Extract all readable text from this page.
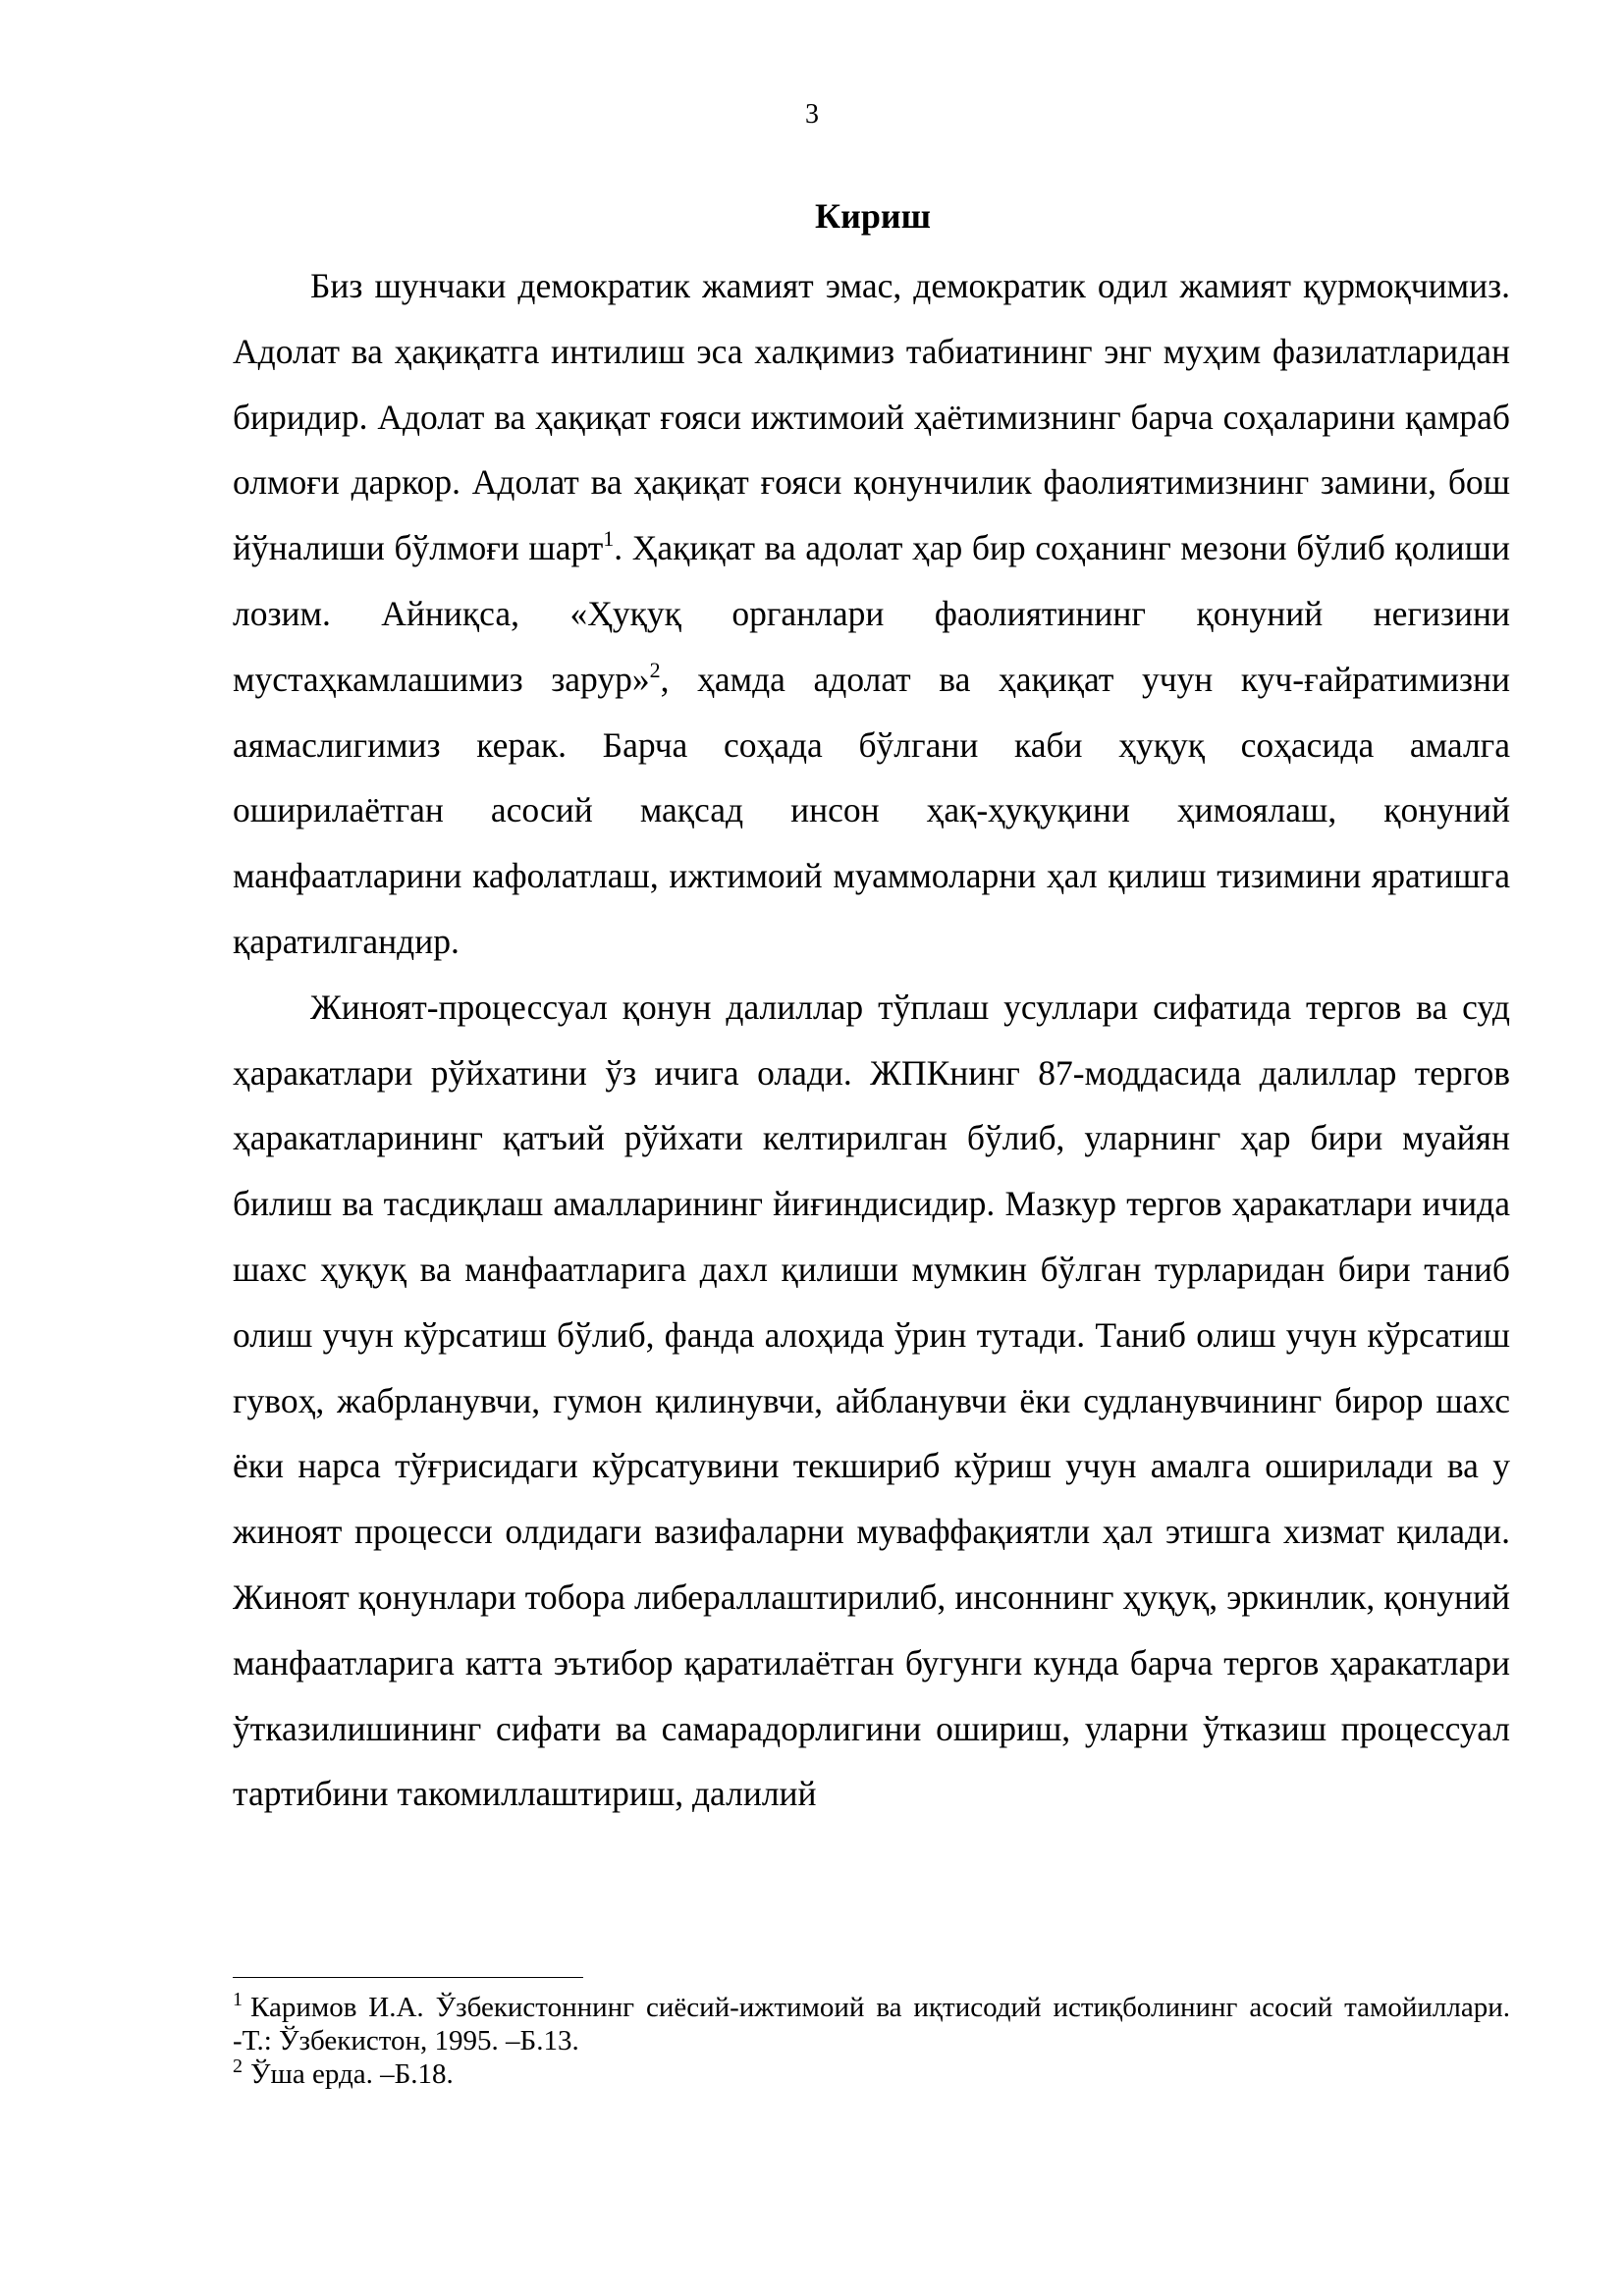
3
Кириш

Биз шунчаки демократик жамият эмас, демократик одил жамият қурмоқчимиз. Адолат ва ҳақиқатга интилиш эса халқимиз табиатининг энг муҳим фазилатларидан биридир. Адолат ва ҳақиқат ғояси ижтимоий ҳаётимизнинг барча соҳаларини қамраб олмоғи даркор. Адолат ва ҳақиқат ғояси қонунчилик фаолиятимизнинг замини, бош йўналиши бўлмоғи шарт$^1$. Ҳақиқат ва адолат ҳар бир соҳанинг мезони бўлиб қолиши лозим. Айниқса, «Ҳуқуқ органлари фаолиятининг қонуний негизини мустаҳкамлашимиз зарур»$^2$, ҳамда адолат ва ҳақиқат учун куч-ғайратимизни аямаслигимиз керак. Барча соҳада бўлгани каби ҳуқуқ соҳасида амалга оширилаётган асосий мақсад инсон ҳақ-ҳуқуқини ҳимоялаш, қонуний манфаатларини кафолатлаш, ижтимоий муаммоларни ҳал қилиш тизимини яратишга қаратилгандир.

Жиноят-процессуал қонун далиллар тўплаш усуллари сифатида тергов ва суд ҳаракатлари рўйхатини ўз ичига олади. ЖПКнинг 87-моддасида далиллар тергов ҳаракатларининг қатъий рўйхати келтирилган бўлиб, уларнинг ҳар бири муайян билиш ва тасдиқлаш амалларининг йиғиндисидир. Мазкур тергов ҳаракатлари ичида шахс ҳуқуқ ва манфаатларига дахл қилиши мумкин бўлган турларидан бири таниб олиш учун кўрсатиш бўлиб, фанда алоҳида ўрин тутади. Таниб олиш учун кўрсатиш гувоҳ, жабрланувчи, гумон қилинувчи, айбланувчи ёки судланувчининг бирор шахс ёки нарса тўғрисидаги кўрсатувини текшириб кўриш учун амалга оширилади ва у жиноят процесси олдидаги вазифаларни муваффақиятли ҳал этишга хизмат қилади. Жиноят қонунлари тобора либераллаштирилиб, инсоннинг ҳуқуқ, эркинлик, қонуний манфаатларига катта эътибор қаратилаётган бугунги кунда барча тергов ҳаракатлари ўтказилишининг сифати ва самарадорлигини ошириш, уларни ўтказиш процессуал тартибини такомиллаштириш, далилий

$^1$ Каримов И.А. Ўзбекистоннинг сиёсий-ижтимоий ва иқтисодий истиқболининг асосий тамойиллари. -Т.: Ўзбекистон, 1995. –Б.13.

$^2$ Ўша ерда. –Б.18.
